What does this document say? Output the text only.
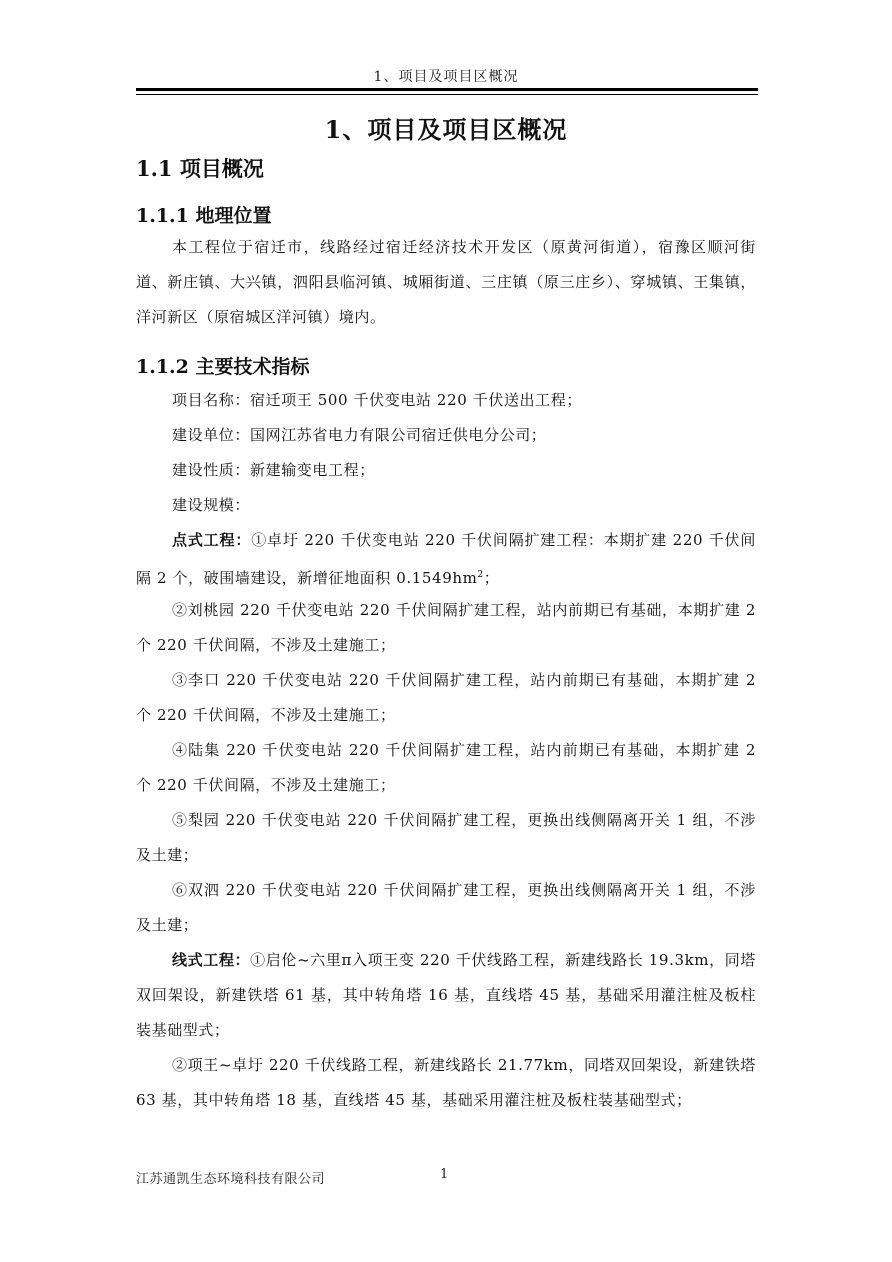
1、项目及项目区概况
1、项目及项目区概况
1.1 项目概况
1.1.1 地理位置

本工程位于宿迁市，线路经过宿迁经济技术开发区（原黄河街道），宿豫区顺河街道、新庄镇、大兴镇，泗阳县临河镇、城厢街道、三庄镇（原三庄乡）、穿城镇、王集镇，洋河新区（原宿城区洋河镇）境内。

1.1.2 主要技术指标

项目名称：宿迁项王 500 千伏变电站 220 千伏送出工程；

建设单位：国网江苏省电力有限公司宿迁供电分公司；

建设性质：新建输变电工程；

建设规模：

点式工程：①卓圩 220 千伏变电站 220 千伏间隔扩建工程：本期扩建 220 千伏间隔 2 个，破围墙建设，新增征地面积 $0.1549hm^2$；

②刘桃园 220 千伏变电站 220 千伏间隔扩建工程，站内前期已有基础，本期扩建 2 个 220 千伏间隔，不涉及土建施工；

③李口 220 千伏变电站 220 千伏间隔扩建工程，站内前期已有基础，本期扩建 2 个 220 千伏间隔，不涉及土建施工；

④陆集 220 千伏变电站 220 千伏间隔扩建工程，站内前期已有基础，本期扩建 2 个 220 千伏间隔，不涉及土建施工；

⑤梨园 220 千伏变电站 220 千伏间隔扩建工程，更换出线侧隔离开关 1 组，不涉及土建；

⑥双泗 220 千伏变电站 220 千伏间隔扩建工程，更换出线侧隔离开关 1 组，不涉及土建；

线式工程：①启伦~六里π入项王变 220 千伏线路工程，新建线路长 19.3km，同塔双回架设，新建铁塔 61 基，其中转角塔 16 基，直线塔 45 基，基础采用灌注桩及板柱装基础型式；

②项王~卓圩 220 千伏线路工程，新建线路长 21.77km，同塔双回架设，新建铁塔 63 基，其中转角塔 18 基，直线塔 45 基，基础采用灌注桩及板柱装基础型式；

江苏通凯生态环境科技有限公司	1
